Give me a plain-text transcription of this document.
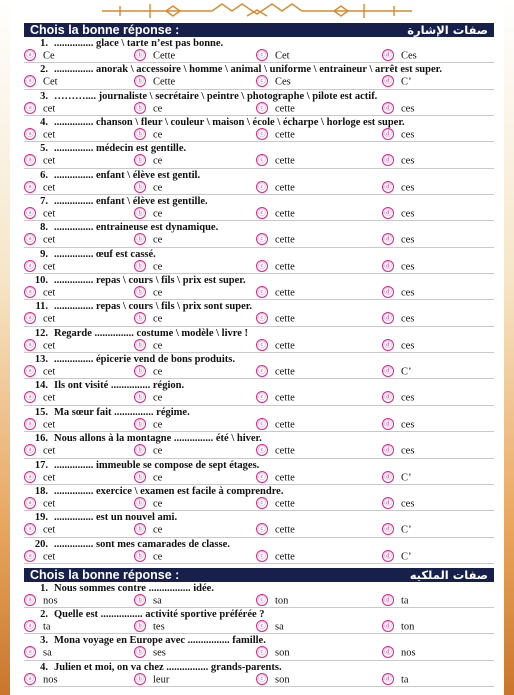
Chois la bonne réponse :	صفات الإشارة
1. ............... glace \ tarte n’est pas bonne.
ⓐ Ce	ⓑ Cette	ⓒ Cet	ⓓ Ces
2. ............... anorak \ accessoire \ homme \ animal \ uniforme \ entraineur \ arrêt est super.
ⓐ Cet	ⓑ Cette	ⓒ Ces	ⓓ C’
3. ……….... journaliste \ secrétaire \ peintre \ photographe \ pilote est actif.
ⓐ cet	ⓑ ce	ⓒ cette	ⓓ ces
4. ............... chanson \ fleur \ couleur \ maison \ école \ écharpe \ horloge est super.
ⓐ cet	ⓑ ce	ⓒ cette	ⓓ ces
5. ............... médecin est gentille.
ⓐ cet	ⓑ ce	ⓒ cette	ⓓ ces
6. ............... enfant \ élève est gentil.
ⓐ cet	ⓑ ce	ⓒ cette	ⓓ ces
7. ............... enfant \ élève est gentille.
ⓐ cet	ⓑ ce	ⓒ cette	ⓓ ces
8. ............... entraineuse est dynamique.
ⓐ cet	ⓑ ce	ⓒ cette	ⓓ ces
9. ............... œuf est cassé.
ⓐ cet	ⓑ ce	ⓒ cette	ⓓ ces
10. ............... repas \ cours \ fils \ prix est super.
ⓐ cet	ⓑ ce	ⓒ cette	ⓓ ces
11. ............... repas \ cours \ fils \ prix sont super.
ⓐ cet	ⓑ ce	ⓒ cette	ⓓ ces
12. Regarde ............... costume \ modèle \ livre !
ⓐ cet	ⓑ ce	ⓒ cette	ⓓ ces
13. ............... épicerie vend de bons produits.
ⓐ cet	ⓑ ce	ⓒ cette	ⓓ C’
14. Ils ont visité ............... région.
ⓐ cet	ⓑ ce	ⓒ cette	ⓓ ces
15. Ma sœur fait ............... régime.
ⓐ cet	ⓑ ce	ⓒ cette	ⓓ ces
16. Nous allons à la montagne ............... été \ hiver.
ⓐ cet	ⓑ ce	ⓒ cette	ⓓ ces
17. ............... immeuble se compose de sept étages.
ⓐ cet	ⓑ ce	ⓒ cette	ⓓ C’
18. ............... exercice \ examen est facile à comprendre.
ⓐ cet	ⓑ ce	ⓒ cette	ⓓ ces
19. ............... est un nouvel ami.
ⓐ cet	ⓑ ce	ⓒ cette	ⓓ C’
20. ............... sont mes camarades de classe.
ⓐ cet	ⓑ ce	ⓒ cette	ⓓ C’
Chois la bonne réponse :	صفات الملكيه
1. Nous sommes contre ................ idée.
ⓐ nos	ⓑ sa	ⓒ ton	ⓓ ta
2. Quelle est ................ activité sportive préférée ?
ⓐ ta	ⓑ tes	ⓒ sa	ⓓ ton
3. Mona voyage en Europe avec ................ famille.
ⓐ sa	ⓑ ses	ⓒ son	ⓓ nos
4. Julien et moi, on va chez ................ grands-parents.
ⓐ nos	ⓑ leur	ⓒ son	ⓓ ta
